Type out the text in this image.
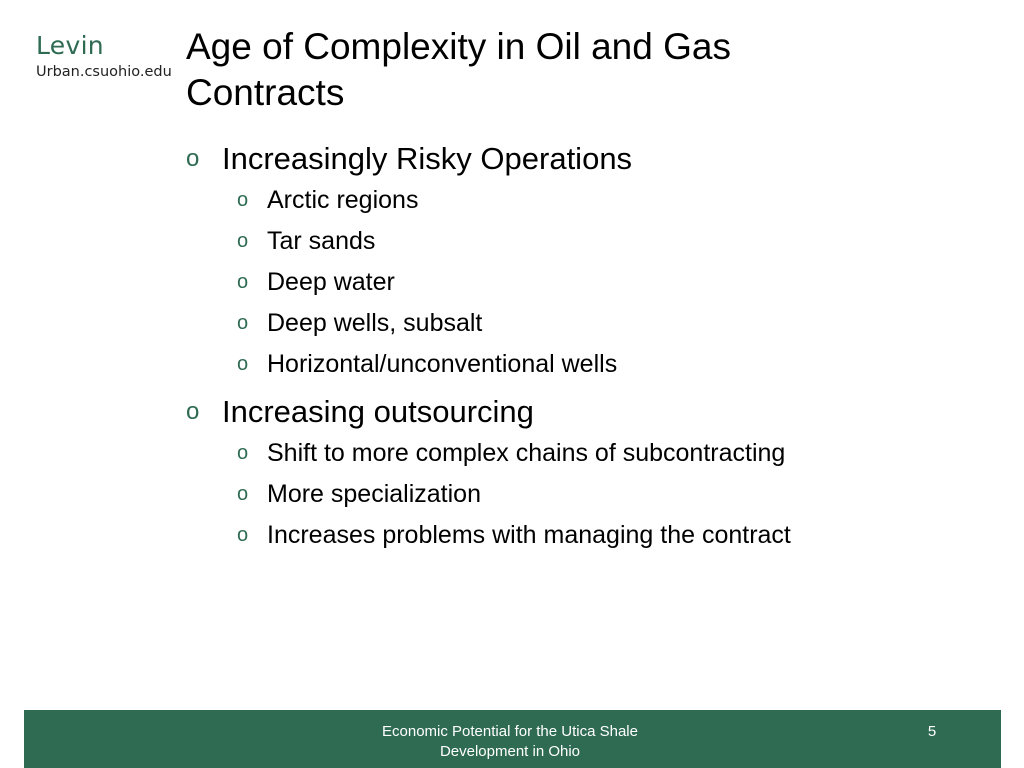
Levin
Urban.csuohio.edu
Age of Complexity in Oil and Gas Contracts
o Increasingly Risky Operations
o Arctic regions
o Tar sands
o Deep water
o Deep wells, subsalt
o Horizontal/unconventional wells
o Increasing outsourcing
o Shift to more complex chains of subcontracting
o More specialization
o Increases problems with managing the contract
Economic Potential for the Utica Shale
Development in Ohio
5
